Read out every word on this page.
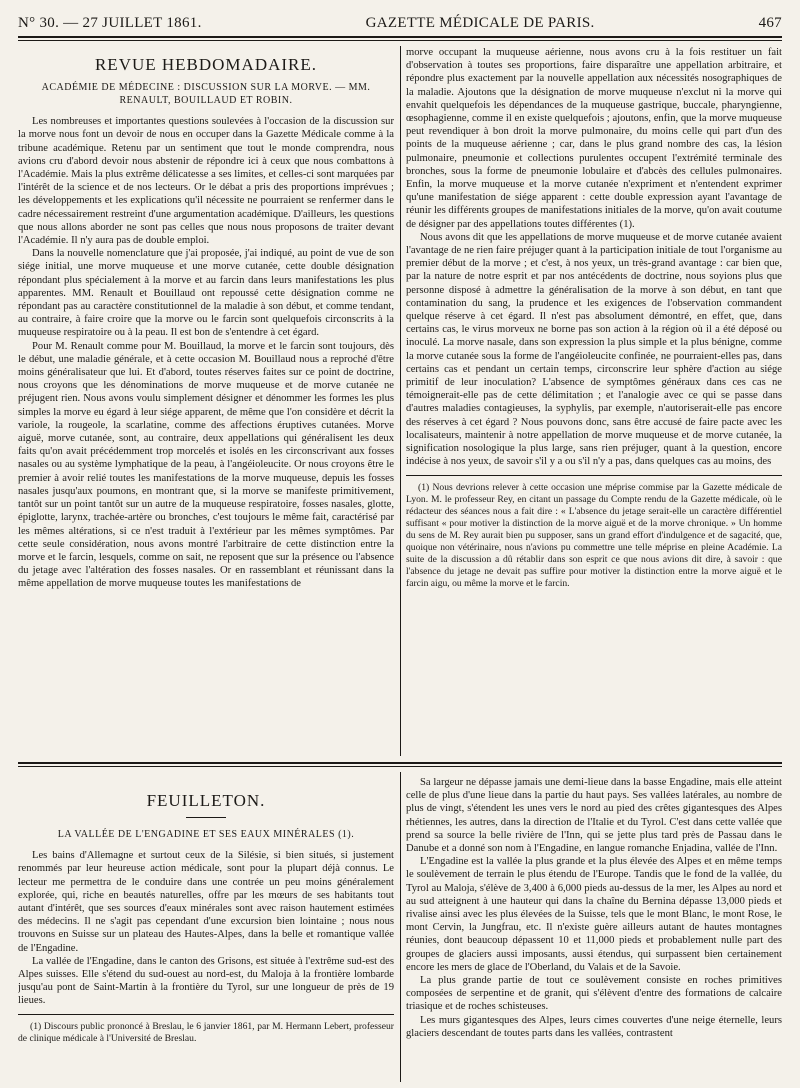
N° 30. — 27 JUILLET 1861.	GAZETTE MÉDICALE DE PARIS.	467
REVUE HEBDOMADAIRE.
ACADÉMIE DE MÉDECINE : DISCUSSION SUR LA MORVE. — MM. RENAULT, BOUILLAUD ET ROBIN.

Les nombreuses et importantes questions soulevées à l'occasion de la discussion sur la morve nous font un devoir de nous en occuper dans la Gazette Médicale comme à la tribune académique. Retenu par un sentiment que tout le monde comprendra, nous avions cru d'abord devoir nous abstenir de répondre ici à ceux que nous combattons à l'Académie. Mais la plus extrême délicatesse a ses limites, et celles-ci sont marquées par l'intérêt de la science et de nos lecteurs. Or le débat a pris des proportions imprévues ; les développements et les explications qu'il nécessite ne pourraient se renfermer dans le cadre nécessairement restreint d'une argumentation académique. D'ailleurs, les questions que nous allons aborder ne sont pas celles que nous nous proposons de traiter devant l'Académie. Il n'y aura pas de double emploi.

Dans la nouvelle nomenclature que j'ai proposée, j'ai indiqué, au point de vue de son siége initial, une morve muqueuse et une morve cutanée, cette double désignation répondant plus spécialement à la morve et au farcin dans leurs manifestations les plus apparentes. MM. Renault et Bouillaud ont repoussé cette désignation comme ne répondant pas au caractère constitutionnel de la maladie à son début, et comme tendant, au contraire, à faire croire que la morve ou le farcin sont quelquefois circonscrits à la muqueuse respiratoire ou à la peau. Il est bon de s'entendre à cet égard.

Pour M. Renault comme pour M. Bouillaud, la morve et le farcin sont toujours, dès le début, une maladie générale, et à cette occasion M. Bouillaud nous a reproché d'être moins généralisateur que lui. Et d'abord, toutes réserves faites sur ce point de doctrine, nous croyons que les dénominations de morve muqueuse et de morve cutanée ne préjugent rien. Nous avons voulu simplement désigner et dénommer les formes les plus simples la morve eu égard à leur siége apparent, de même que l'on considère et décrit la variole, la rougeole, la scarlatine, comme des affections éruptives cutanées. Morve aiguë, morve cutanée, sont, au contraire, deux appellations qui généralisent les deux faits qu'on avait précédemment trop morcelés et isolés en les circonscrivant aux fosses nasales ou au système lymphatique de la peau, à l'angéioleucite. Or nous croyons être le premier à avoir relié toutes les manifestations de la morve muqueuse, depuis les fosses nasales jusqu'aux poumons, en montrant que, si la morve se manifeste primitivement, tantôt sur un point tantôt sur un autre de la muqueuse respiratoire, fosses nasales, glotte, épiglotte, larynx, trachée-artère ou bronches, c'est toujours le même fait, caractérisé par les mêmes altérations, si ce n'est traduit à l'extérieur par les mêmes symptômes. Par cette seule considération, nous avons montré l'arbitraire de cette distinction entre la morve et le farcin, lesquels, comme on sait, ne reposent que sur la présence ou l'absence du jetage avec l'altération des fosses nasales. Or en rassemblant et réunissant dans la même appellation de morve muqueuse toutes les manifestations de

morve occupant la muqueuse aérienne, nous avons cru à la fois restituer un fait d'observation à toutes ses proportions, faire disparaître une appellation arbitraire, et répondre plus exactement par la nouvelle appellation aux nécessités nosographiques de la maladie. Ajoutons que la désignation de morve muqueuse n'exclut ni la morve qui envahit quelquefois les dépendances de la muqueuse gastrique, buccale, pharyngienne, œsophagienne, comme il en existe quelquefois ; ajoutons, enfin, que la morve muqueuse peut revendiquer à bon droit la morve pulmonaire, du moins celle qui part d'un des points de la muqueuse aérienne ; car, dans le plus grand nombre des cas, la lésion pulmonaire, pneumonie et collections purulentes occupent l'extrémité terminale des bronches, sous la forme de pneumonie lobulaire et d'abcès des cellules pulmonaires. Enfin, la morve muqueuse et la morve cutanée n'expriment et n'entendent exprimer qu'une manifestation de siége apparent : cette double expression ayant l'avantage de réunir les différents groupes de manifestations initiales de la morve, qu'on avait coutume de désigner par des appellations toutes différentes (1).

Nous avons dit que les appellations de morve muqueuse et de morve cutanée avaient l'avantage de ne rien faire préjuger quant à la participation initiale de tout l'organisme au premier début de la morve ; et c'est, à nos yeux, un très-grand avantage : car bien que, par la nature de notre esprit et par nos antécédents de doctrine, nous soyions plus que personne disposé à admettre la généralisation de la morve à son début, en tant que contamination du sang, la prudence et les exigences de l'observation commandent quelque réserve à cet égard. Il n'est pas absolument démontré, en effet, que, dans certains cas, le virus morveux ne borne pas son action à la région où il a été déposé ou inoculé. La morve nasale, dans son expression la plus simple et la plus bénigne, comme la morve cutanée sous la forme de l'angéioleucite confinée, ne pourraient-elles pas, dans certains cas et pendant un certain temps, circonscrire leur sphère d'action au siége primitif de leur inoculation? L'absence de symptômes généraux dans ces cas ne témoignerait-elle pas de cette délimitation ; et l'analogie avec ce qui se passe dans d'autres maladies contagieuses, la syphylis, par exemple, n'autoriserait-elle pas encore des réserves à cet égard ? Nous pouvons donc, sans être accusé de faire pacte avec les localisateurs, maintenir à notre appellation de morve muqueuse et de morve cutanée, la signification nosologique la plus large, sans rien préjuger, quant à la question, encore indécise à nos yeux, de savoir s'il y a ou s'il n'y a pas, dans quelques cas au moins, des

(1) Nous devrions relever à cette occasion une méprise commise par la Gazette médicale de Lyon. M. le professeur Rey, en citant un passage du Compte rendu de la Gazette médicale, où le rédacteur des séances nous a fait dire : « L'absence du jetage serait-elle un caractère différentiel suffisant « pour motiver la distinction de la morve aiguë et de la morve chronique. » Un homme du sens de M. Rey aurait bien pu supposer, sans un grand effort d'indulgence et de sagacité, que, quoique non vétérinaire, nous n'avions pu commettre une telle méprise en pleine Académie. La suite de la discussion a dû rétablir dans son esprit ce que nous avions dit dire, à savoir : que l'absence du jetage ne devait pas suffire pour motiver la distinction entre la morve aiguë et le farcin aigu, ou même la morve et le farcin.

FEUILLETON.
LA VALLÉE DE L'ENGADINE ET SES EAUX MINÉRALES (1).

Les bains d'Allemagne et surtout ceux de la Silésie, si bien situés, si justement renommés par leur heureuse action médicale, sont pour la plupart déjà connus. Le lecteur me permettra de le conduire dans une contrée un peu moins généralement explorée, qui, riche en beautés naturelles, offre par les mœurs de ses habitants tout autant d'intérêt, que ses sources d'eaux minérales sont avec raison hautement estimées des médecins. Il ne s'agit pas cependant d'une excursion bien lointaine ; nous nous trouvons en Suisse sur un plateau des Hautes-Alpes, dans la belle et romantique vallée de l'Engadine.

La vallée de l'Engadine, dans le canton des Grisons, est située à l'extrême sud-est des Alpes suisses. Elle s'étend du sud-ouest au nord-est, du Maloja à la frontière lombarde jusqu'au pont de Saint-Martin à la frontière du Tyrol, sur une longueur de près de 19 lieues.

(1) Discours public prononcé à Breslau, le 6 janvier 1861, par M. Hermann Lebert, professeur de clinique médicale à l'Université de Breslau.

Sa largeur ne dépasse jamais une demi-lieue dans la basse Engadine, mais elle atteint celle de plus d'une lieue dans la partie du haut pays. Ses vallées latérales, au nombre de plus de vingt, s'étendent les unes vers le nord au pied des crêtes gigantesques des Alpes rhétiennes, les autres, dans la direction de l'Italie et du Tyrol. C'est dans cette vallée que prend sa source la belle rivière de l'Inn, qui se jette plus tard près de Passau dans le Danube et a donné son nom à l'Engadine, en langue romanche Enjadina, vallée de l'Inn.

L'Engadine est la vallée la plus grande et la plus élevée des Alpes et en même temps le soulèvement de terrain le plus étendu de l'Europe. Tandis que le fond de la vallée, du Tyrol au Maloja, s'élève de 3,400 à 6,000 pieds au-dessus de la mer, les Alpes au nord et au sud atteignent à une hauteur qui dans la chaîne du Bernina dépasse 13,000 pieds et rivalise ainsi avec les plus élevées de la Suisse, tels que le mont Blanc, le mont Rose, le mont Cervin, la Jungfrau, etc. Il n'existe guère ailleurs autant de hautes montagnes réunies, dont beaucoup dépassent 10 et 11,000 pieds et probablement nulle part des groupes de glaciers aussi imposants, aussi étendus, qui surpassent bien certainement encore les mers de glace de l'Oberland, du Valais et de la Savoie.

La plus grande partie de tout ce soulèvement consiste en roches primitives composées de serpentine et de granit, qui s'élèvent d'entre des formations de calcaire triasique et de roches schisteuses.

Les murs gigantesques des Alpes, leurs cimes couvertes d'une neige éternelle, leurs glaciers descendant de toutes parts dans les vallées, contrastent
